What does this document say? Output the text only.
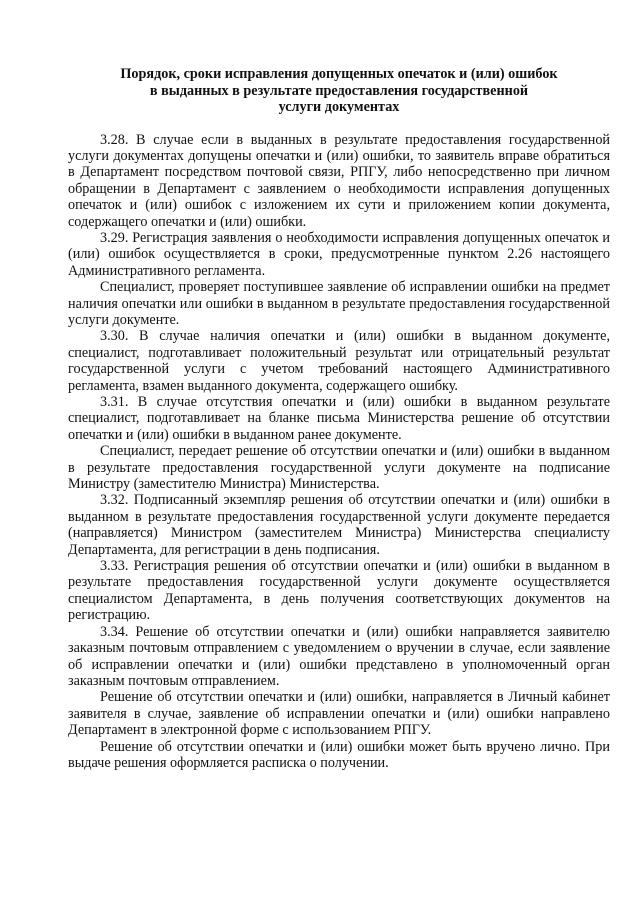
Порядок, сроки исправления допущенных опечаток и (или) ошибок
в выданных в результате предоставления государственной
услуги документах

3.28. В случае если в выданных в результате предоставления государственной услуги документах допущены опечатки и (или) ошибки, то заявитель вправе обратиться в Департамент посредством почтовой связи, РПГУ, либо непосредственно при личном обращении в Департамент с заявлением о необходимости исправления допущенных опечаток и (или) ошибок с изложением их сути и приложением копии документа, содержащего опечатки и (или) ошибки.

3.29. Регистрация заявления о необходимости исправления допущенных опечаток и (или) ошибок осуществляется в сроки, предусмотренные пунктом 2.26 настоящего Административного регламента.

Специалист, проверяет поступившее заявление об исправлении ошибки на предмет наличия опечатки или ошибки в выданном в результате предоставления государственной услуги документе.

3.30. В случае наличия опечатки и (или) ошибки в выданном документе, специалист, подготавливает положительный результат или отрицательный результат государственной услуги с учетом требований настоящего Административного регламента, взамен выданного документа, содержащего ошибку.

3.31. В случае отсутствия опечатки и (или) ошибки в выданном результате специалист, подготавливает на бланке письма Министерства решение об отсутствии опечатки и (или) ошибки в выданном ранее документе.

Специалист, передает решение об отсутствии опечатки и (или) ошибки в выданном в результате предоставления государственной услуги документе на подписание Министру (заместителю Министра) Министерства.

3.32. Подписанный экземпляр решения об отсутствии опечатки и (или) ошибки в выданном в результате предоставления государственной услуги документе передается (направляется) Министром (заместителем Министра) Министерства специалисту Департамента, для регистрации в день подписания.

3.33. Регистрация решения об отсутствии опечатки и (или) ошибки в выданном в результате предоставления государственной услуги документе осуществляется специалистом Департамента, в день получения соответствующих документов на регистрацию.

3.34. Решение об отсутствии опечатки и (или) ошибки направляется заявителю заказным почтовым отправлением с уведомлением о вручении в случае, если заявление об исправлении опечатки и (или) ошибки представлено в уполномоченный орган заказным почтовым отправлением.

Решение об отсутствии опечатки и (или) ошибки, направляется в Личный кабинет заявителя в случае, заявление об исправлении опечатки и (или) ошибки направлено Департамент в электронной форме с использованием РПГУ.

Решение об отсутствии опечатки и (или) ошибки может быть вручено лично. При выдаче решения оформляется расписка о получении.
